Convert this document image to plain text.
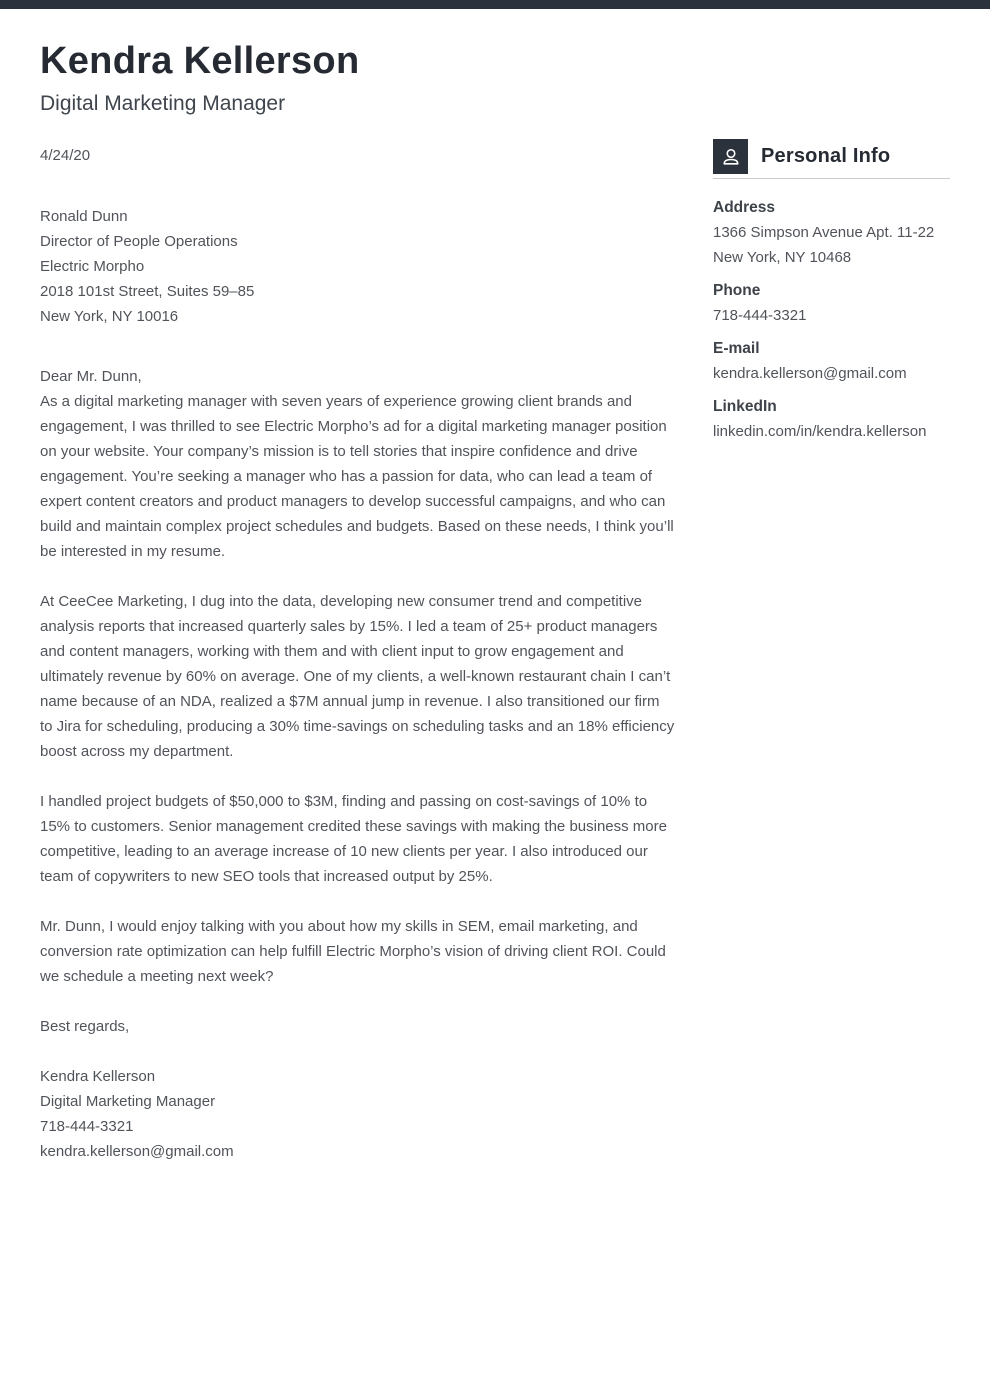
Kendra Kellerson
Digital Marketing Manager
4/24/20
Ronald Dunn
Director of People Operations
Electric Morpho
2018 101st Street, Suites 59–85
New York, NY 10016

Dear Mr. Dunn,

As a digital marketing manager with seven years of experience growing client brands and engagement, I was thrilled to see Electric Morpho’s ad for a digital marketing manager position on your website. Your company’s mission is to tell stories that inspire confidence and drive engagement. You’re seeking a manager who has a passion for data, who can lead a team of expert content creators and product managers to develop successful campaigns, and who can build and maintain complex project schedules and budgets. Based on these needs, I think you’ll be interested in my resume.

At CeeCee Marketing, I dug into the data, developing new consumer trend and competitive analysis reports that increased quarterly sales by 15%. I led a team of 25+ product managers and content managers, working with them and with client input to grow engagement and ultimately revenue by 60% on average. One of my clients, a well-known restaurant chain I can’t name because of an NDA, realized a $7M annual jump in revenue. I also transitioned our firm to Jira for scheduling, producing a 30% time-savings on scheduling tasks and an 18% efficiency boost across my department.

I handled project budgets of $50,000 to $3M, finding and passing on cost-savings of 10% to 15% to customers. Senior management credited these savings with making the business more competitive, leading to an average increase of 10 new clients per year. I also introduced our team of copywriters to new SEO tools that increased output by 25%.

Mr. Dunn, I would enjoy talking with you about how my skills in SEM, email marketing, and conversion rate optimization can help fulfill Electric Morpho’s vision of driving client ROI. Could we schedule a meeting next week?

Best regards,

Kendra Kellerson
Digital Marketing Manager
718-444-3321
kendra.kellerson@gmail.com
Personal Info
Address
1366 Simpson Avenue Apt. 11-22
New York, NY 10468
Phone
718-444-3321
E-mail
kendra.kellerson@gmail.com
LinkedIn
linkedin.com/in/kendra.kellerson
